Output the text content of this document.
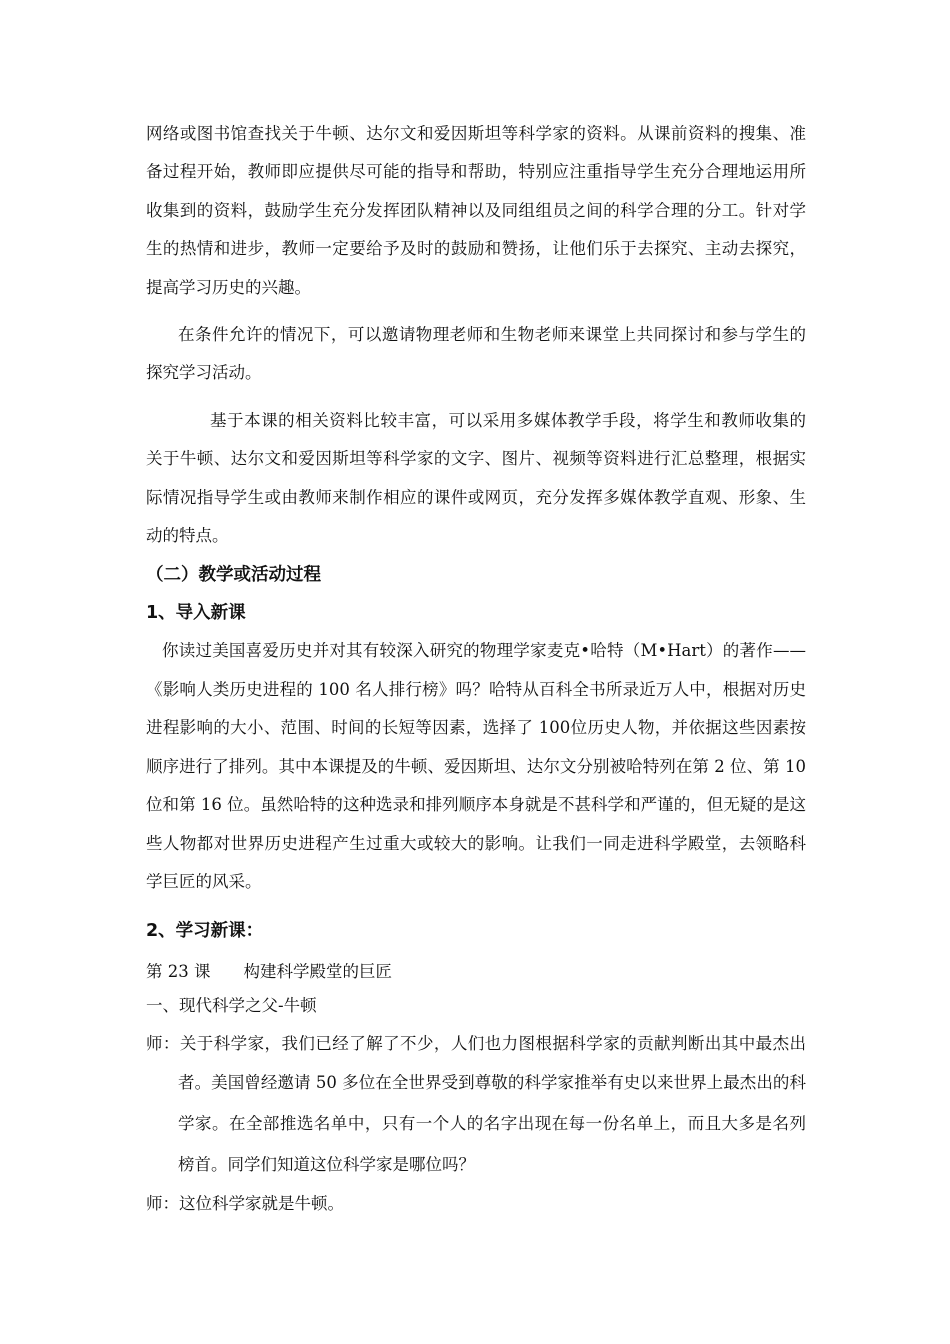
网络或图书馆查找关于牛顿、达尔文和爱因斯坦等科学家的资料。从课前资料的搜集、准
备过程开始，教师即应提供尽可能的指导和帮助，特别应注重指导学生充分合理地运用所
收集到的资料，鼓励学生充分发挥团队精神以及同组组员之间的科学合理的分工。针对学
生的热情和进步，教师一定要给予及时的鼓励和赞扬，让他们乐于去探究、主动去探究，
提高学习历史的兴趣。
在条件允许的情况下，可以邀请物理老师和生物老师来课堂上共同探讨和参与学生的
探究学习活动。
基于本课的相关资料比较丰富，可以采用多媒体教学手段，将学生和教师收集的
关于牛顿、达尔文和爱因斯坦等科学家的文字、图片、视频等资料进行汇总整理，根据实
际情况指导学生或由教师来制作相应的课件或网页，充分发挥多媒体教学直观、形象、生
动的特点。
（二）教学或活动过程
1、导入新课
你读过美国喜爱历史并对其有较深入研究的物理学家麦克•哈特（M•Hart）的著作——
《影响人类历史进程的 100 名人排行榜》吗？哈特从百科全书所录近万人中，根据对历史
进程影响的大小、范围、时间的长短等因素，选择了 100位历史人物，并依据这些因素按
顺序进行了排列。其中本课提及的牛顿、爱因斯坦、达尔文分别被哈特列在第 2 位、第 10
位和第 16 位。虽然哈特的这种选录和排列顺序本身就是不甚科学和严谨的，但无疑的是这
些人物都对世界历史进程产生过重大或较大的影响。让我们一同走进科学殿堂，去领略科
学巨匠的风采。
2、学习新课：
第 23 课　　构建科学殿堂的巨匠
一、现代科学之父-牛顿
师：关于科学家，我们已经了解了不少，人们也力图根据科学家的贡献判断出其中最杰出
者。美国曾经邀请 50 多位在全世界受到尊敬的科学家推举有史以来世界上最杰出的科
学家。在全部推选名单中，只有一个人的名字出现在每一份名单上，而且大多是名列
榜首。同学们知道这位科学家是哪位吗？
师：这位科学家就是牛顿。
